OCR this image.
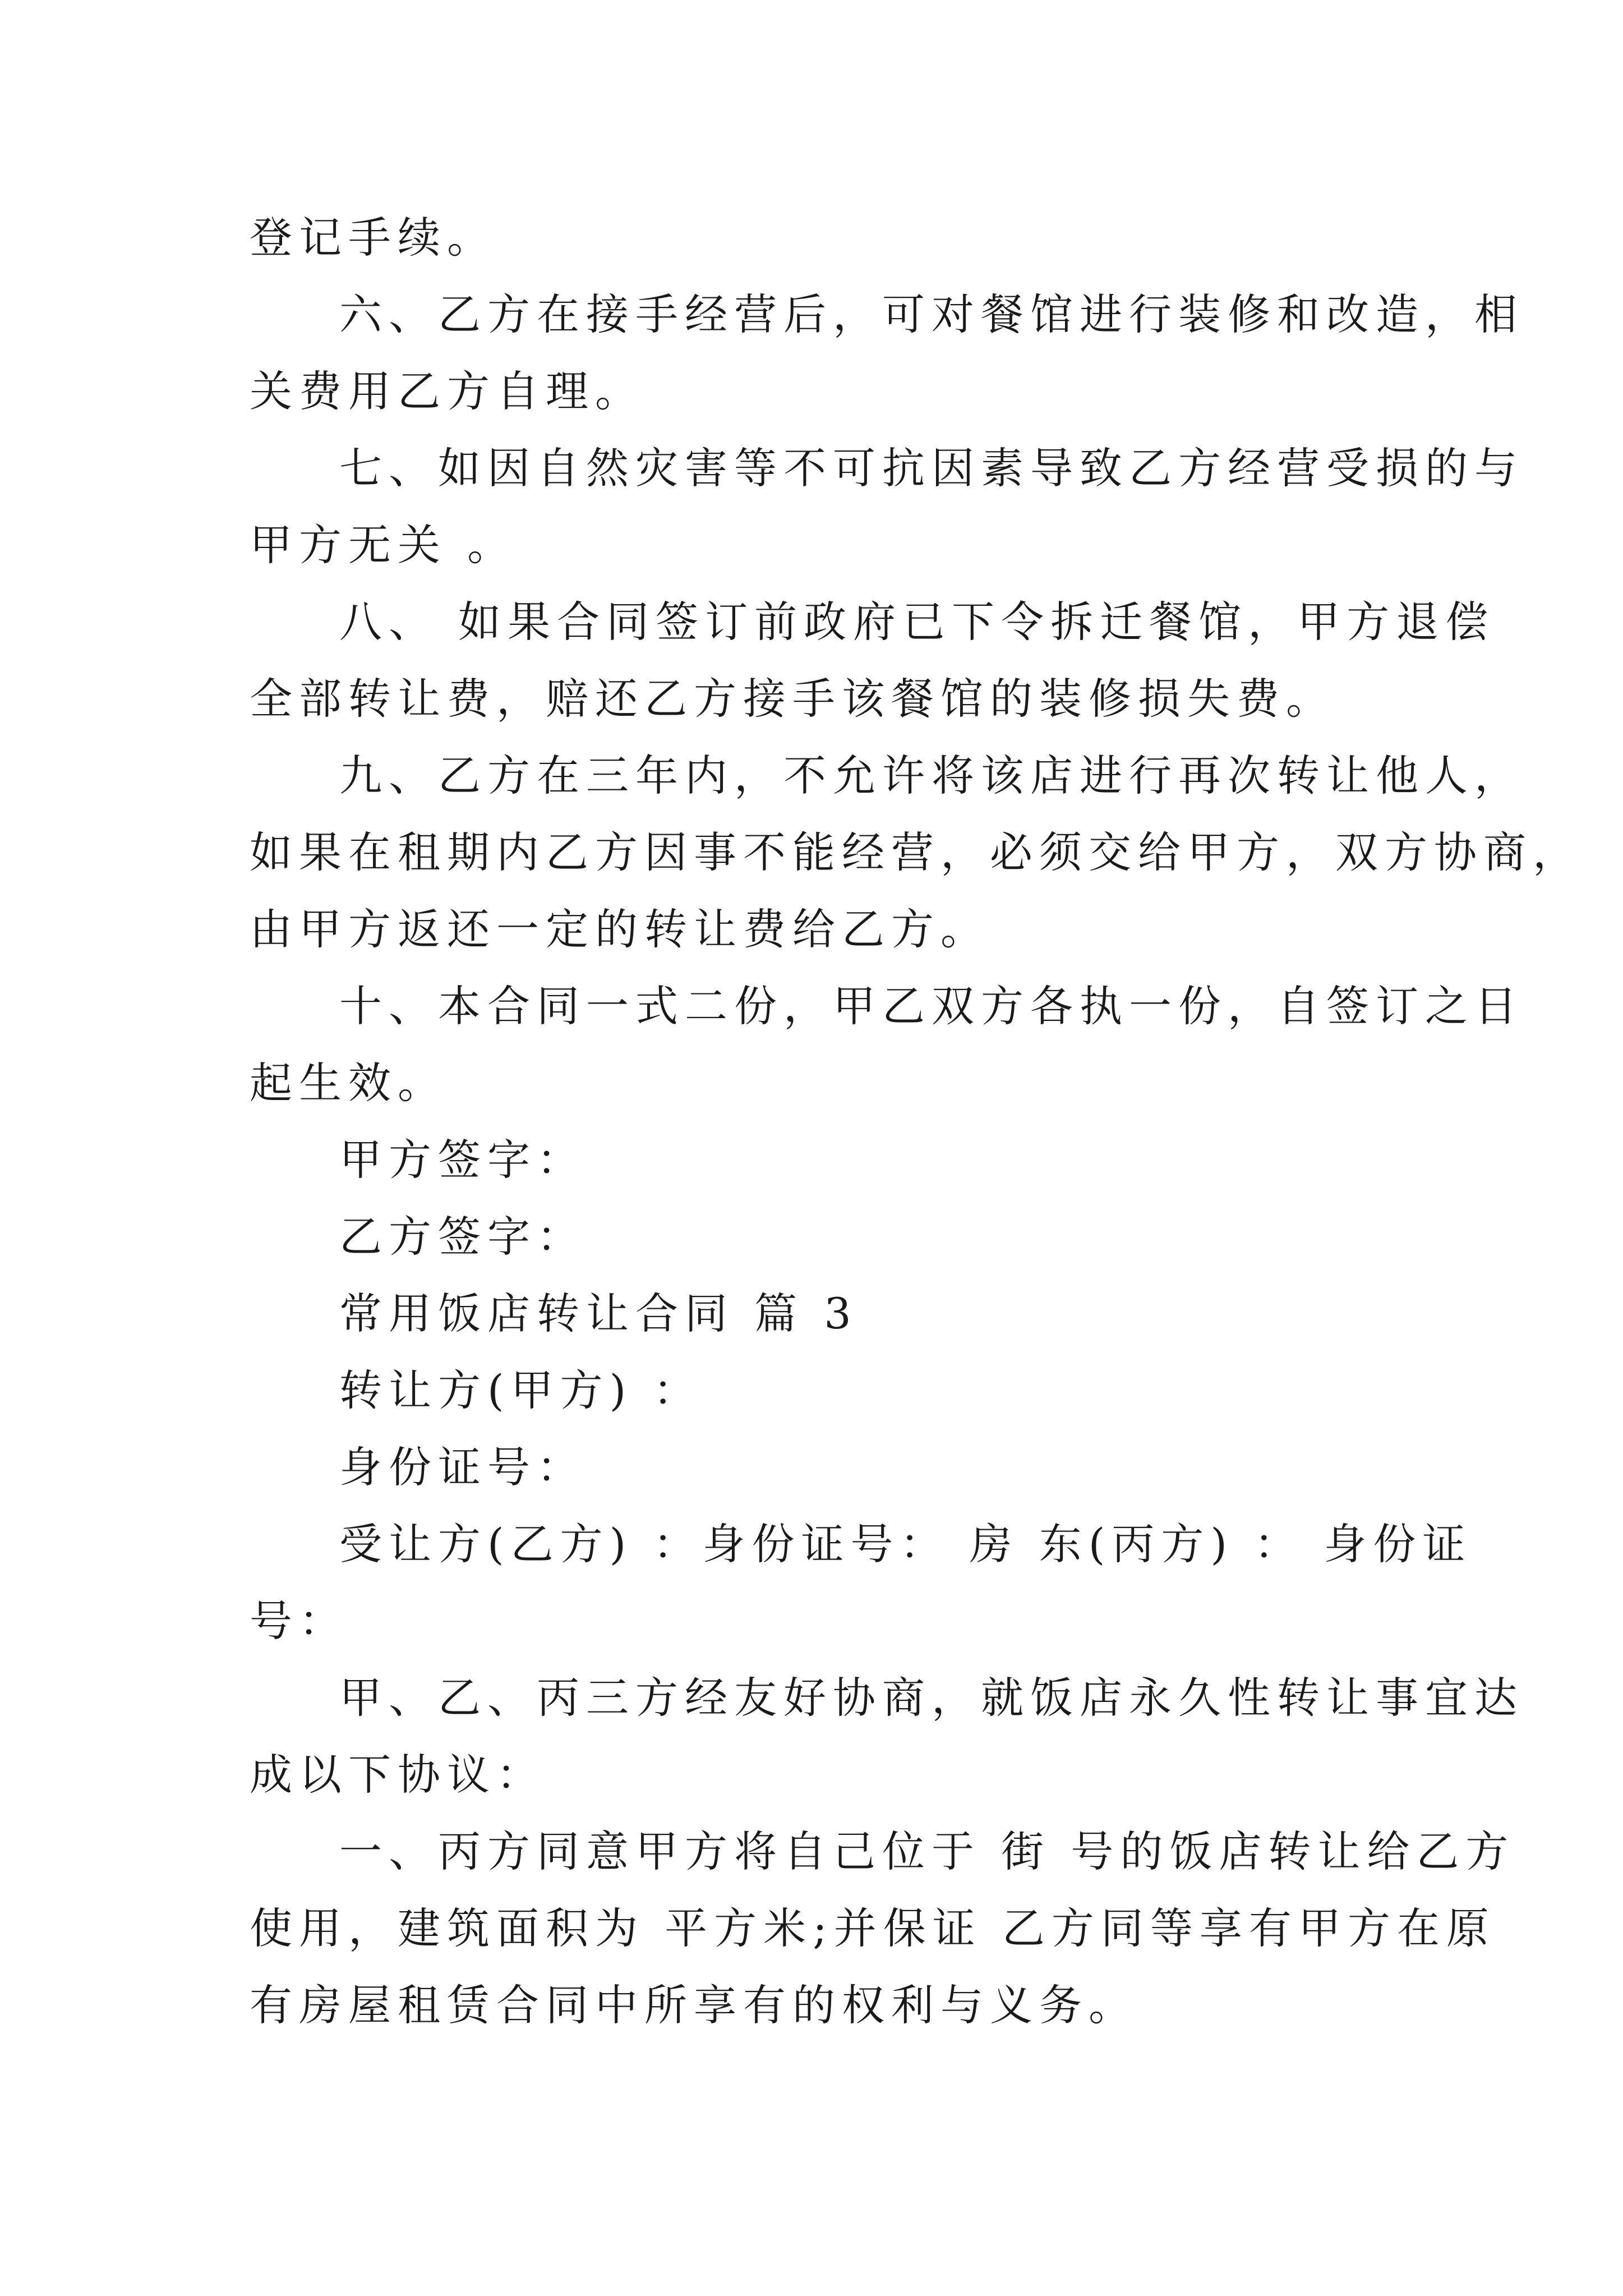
登记手续。
六、乙方在接手经营后，可对餐馆进行装修和改造，相
关费用乙方自理。
七、如因自然灾害等不可抗因素导致乙方经营受损的与
甲方无关 。
八、 如果合同签订前政府已下令拆迁餐馆，甲方退偿
全部转让费，赔还乙方接手该餐馆的装修损失费。
九、乙方在三年内，不允许将该店进行再次转让他人，
如果在租期内乙方因事不能经营，必须交给甲方，双方协商，
由甲方返还一定的转让费给乙方。
十、本合同一式二份，甲乙双方各执一份，自签订之日
起生效。
甲方签字：
乙方签字：
常用饭店转让合同 篇 3
转让方(甲方) ：
身份证号：
受让方(乙方) ：身份证号： 房 东(丙方) ： 身份证
号：
甲、乙、丙三方经友好协商，就饭店永久性转让事宜达
成以下协议：
一、丙方同意甲方将自己位于 街 号的饭店转让给乙方
使用，建筑面积为 平方米;并保证 乙方同等享有甲方在原
有房屋租赁合同中所享有的权利与义务。
